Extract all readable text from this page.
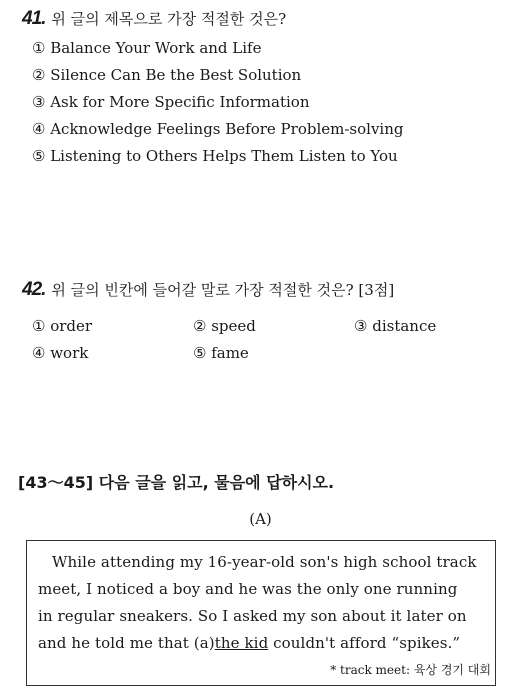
41. 위 글의 제목으로 가장 적절한 것은?
① Balance Your Work and Life
② Silence Can Be the Best Solution
③ Ask for More Specific Information
④ Acknowledge Feelings Before Problem-solving
⑤ Listening to Others Helps Them Listen to You
42. 위 글의 빈칸에 들어갈 말로 가장 적절한 것은? [3점]
① order	② speed	③ distance
④ work	⑤ fame
[43～45] 다음 글을 읽고, 물음에 답하시오.
(A)
While attending my 16-year-old son's high school track
meet, I noticed a boy and he was the only one running
in regular sneakers. So I asked my son about it later on
and he told me that (a)the kid couldn't afford “spikes.”
* track meet: 육상 경기 대회
